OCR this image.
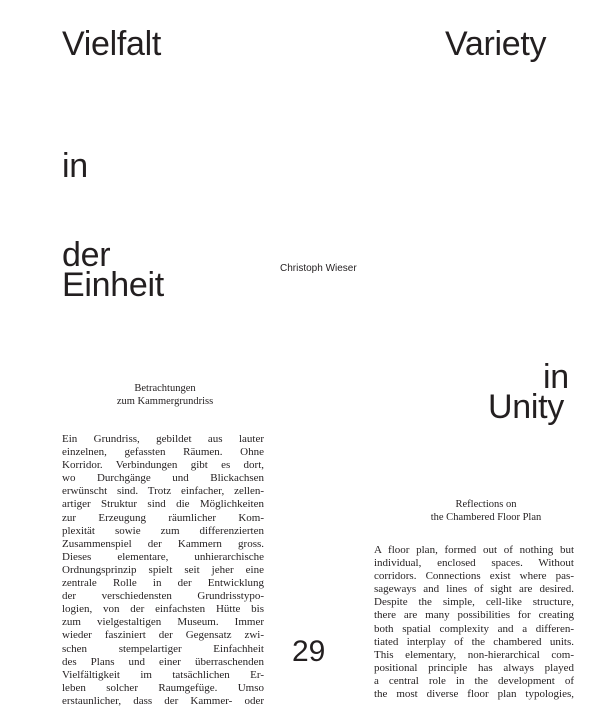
Vielfalt
in
der
Einheit
Variety
in
Unity
Christoph Wieser
Betrachtungen
zum Kammergrundriss
Reflections on
the Chambered Floor Plan
Ein Grundriss, gebildet aus lauter
einzelnen, gefassten Räumen. Ohne
Korridor. Verbindungen gibt es dort,
wo Durchgänge und Blickachsen
erwünscht sind. Trotz einfacher, zellen-
artiger Struktur sind die Möglichkeiten
zur Erzeugung räumlicher Kom-
plexität sowie zum differenzierten
Zusammenspiel der Kammern gross.
Dieses elementare, unhierarchische
Ordnungsprinzip spielt seit jeher eine
zentrale Rolle in der Entwicklung
der verschiedensten Grundrisstypo-
logien, von der einfachsten Hütte bis
zum vielgestaltigen Museum. Immer
wieder fasziniert der Gegensatz zwi-
schen stempelartiger Einfachheit
des Plans und einer überraschenden
Vielfältigkeit im tatsächlichen Er-
leben solcher Raumgefüge. Umso
erstaunlicher, dass der Kammer- oder
A floor plan, formed out of nothing but
individual, enclosed spaces. Without
corridors. Connections exist where pas-
sageways and lines of sight are desired.
Despite the simple, cell-like structure,
there are many possibilities for creating
both spatial complexity and a differen-
tiated interplay of the chambered units.
This elementary, non-hierarchical com-
positional principle has always played
a central role in the development of
the most diverse floor plan typologies,
29
